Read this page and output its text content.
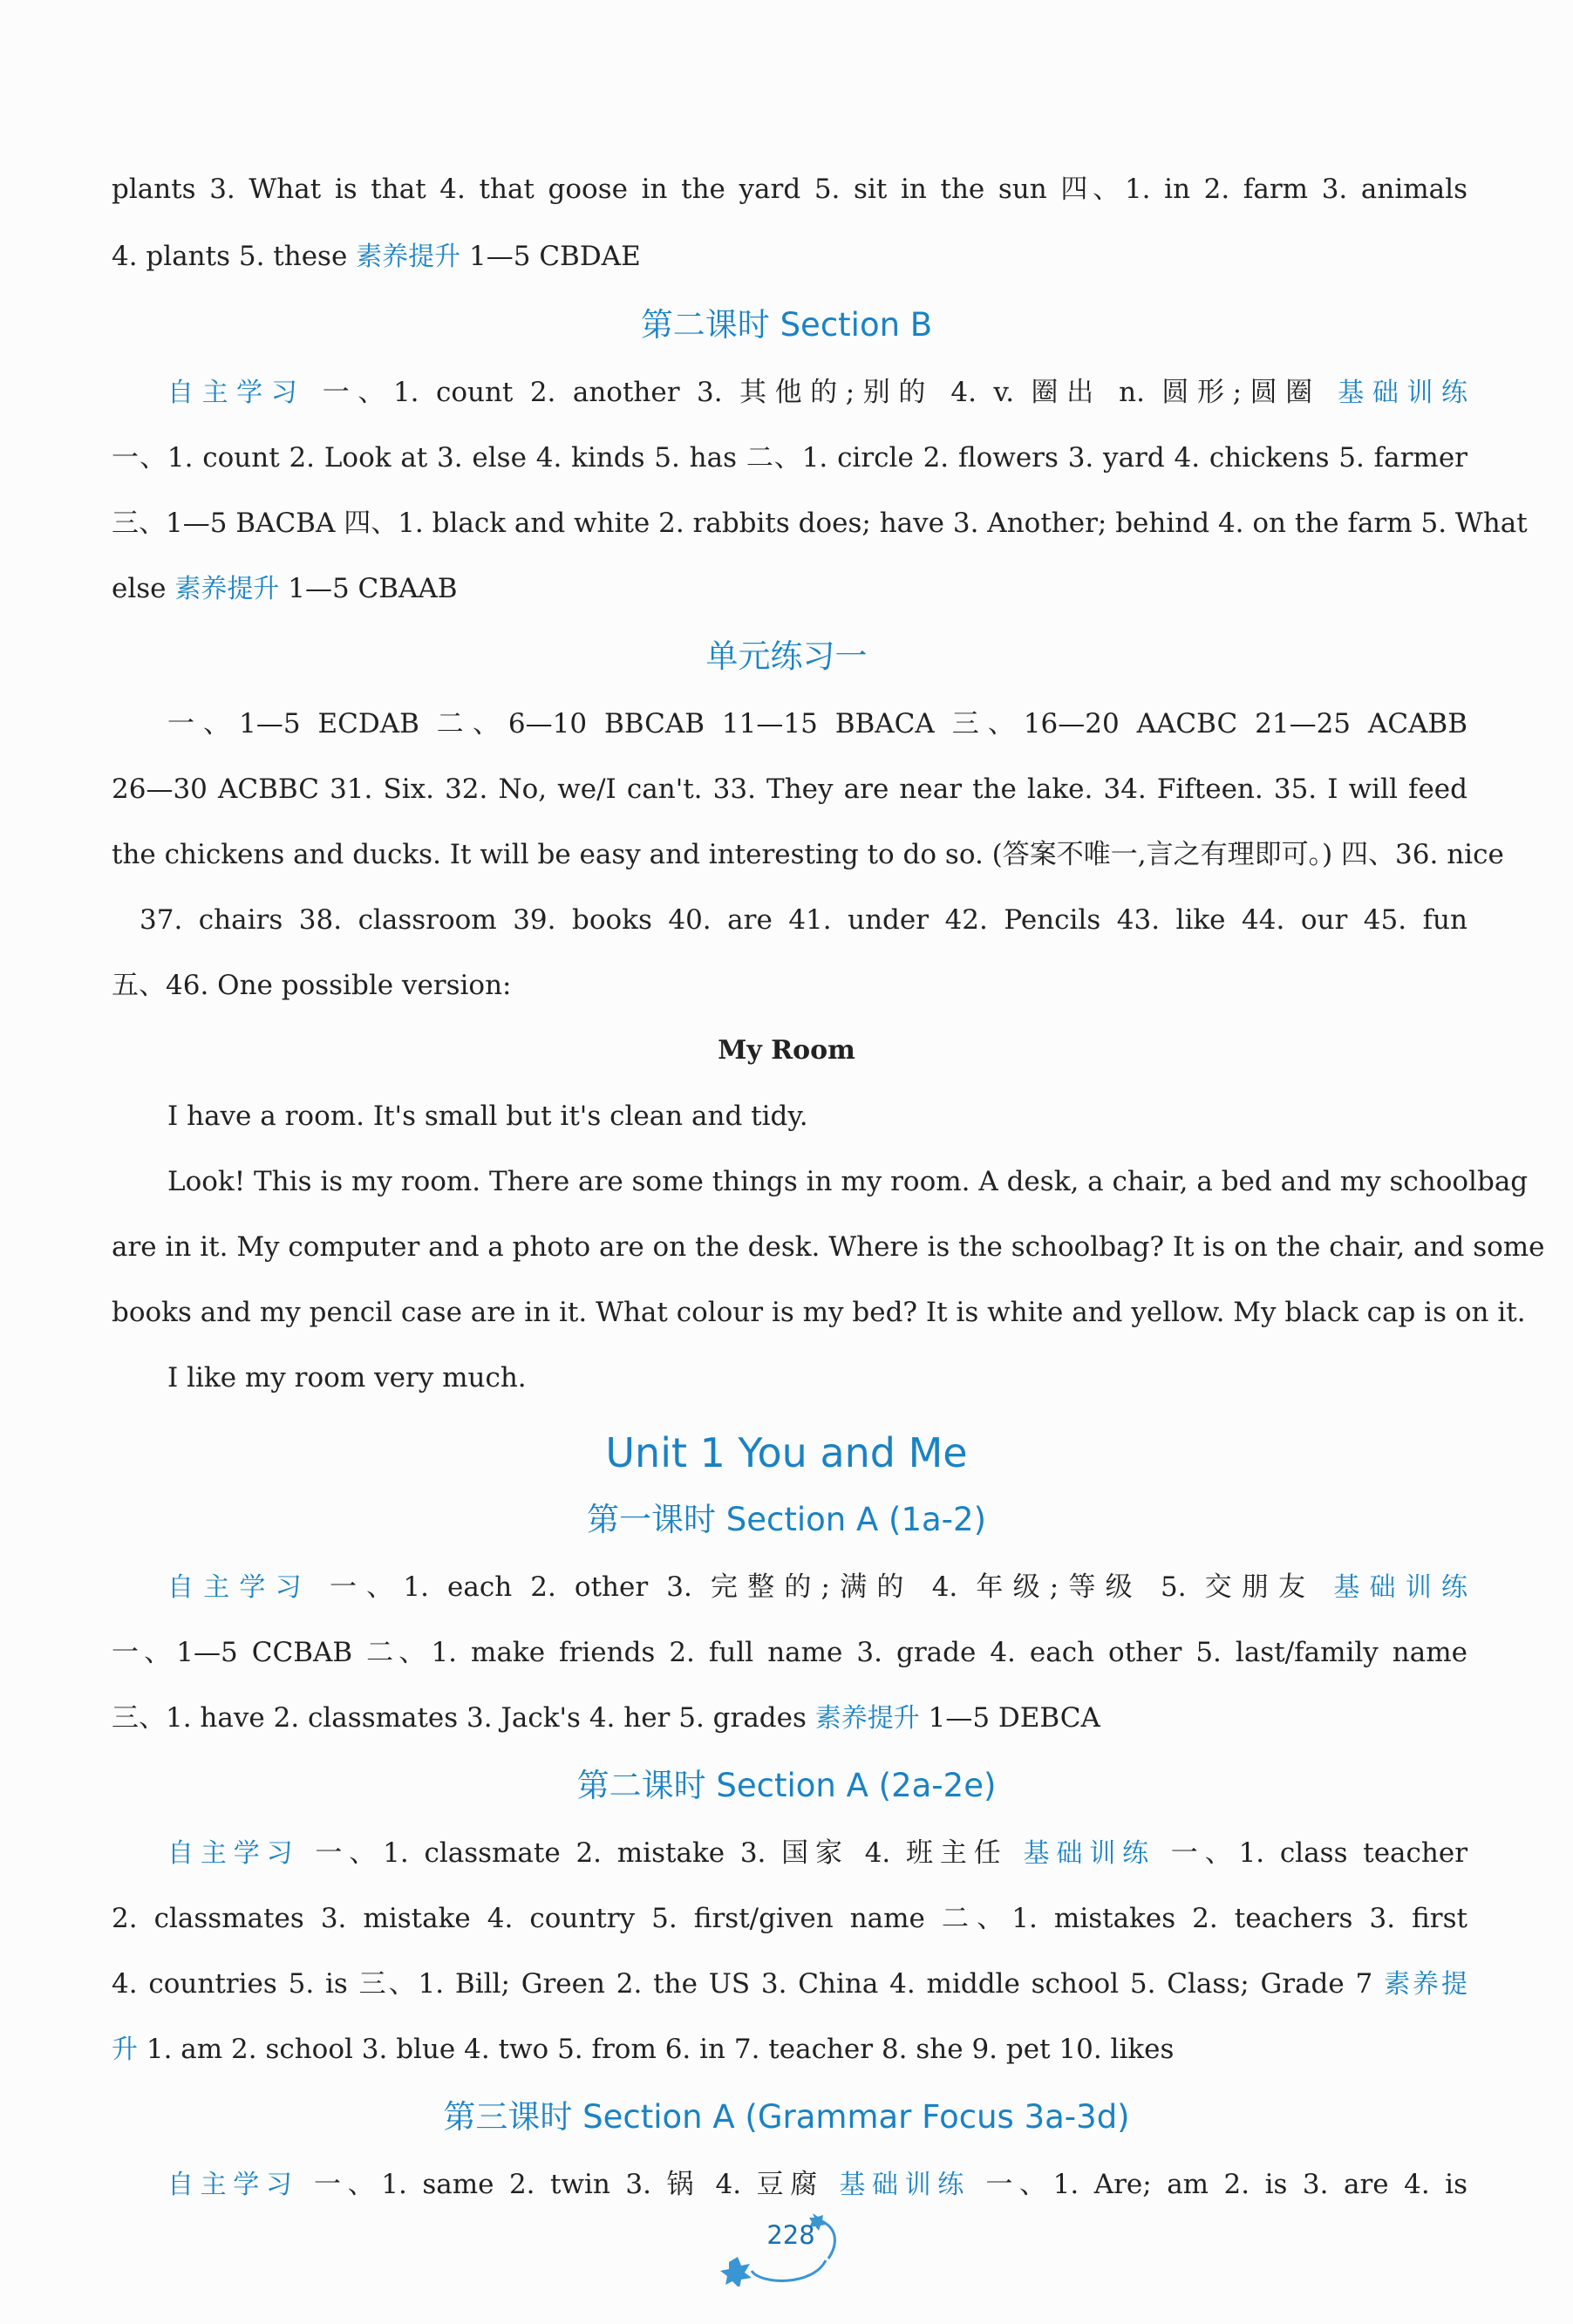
plants 3. What is that 4. that goose in the yard 5. sit in the sun 四、1. in 2. farm 3. animals
4. plants 5. these 素养提升 1—5 CBDAE
第二课时 Section B
自主学习 一、1. count 2. another 3. 其他的;别的 4. v. 圈出 n. 圆形;圆圈 基础训练
一、1. count 2. Look at 3. else 4. kinds 5. has 二、1. circle 2. flowers 3. yard 4. chickens 5. farmer
三、1—5 BACBA 四、1. black and white 2. rabbits does; have 3. Another; behind 4. on the farm 5. What
else 素养提升 1—5 CBAAB
单元练习一
一、1—5 ECDAB 二、6—10 BBCAB 11—15 BBACA 三、16—20 AACBC 21—25 ACABB
26—30 ACBBC 31. Six. 32. No, we/I can't. 33. They are near the lake. 34. Fifteen. 35. I will feed
the chickens and ducks. It will be easy and interesting to do so. (答案不唯一,言之有理即可。) 四、36. nice
37. chairs 38. classroom 39. books 40. are 41. under 42. Pencils 43. like 44. our 45. fun
五、46. One possible version:
My Room
I have a room. It's small but it's clean and tidy.
Look! This is my room. There are some things in my room. A desk, a chair, a bed and my schoolbag
are in it. My computer and a photo are on the desk. Where is the schoolbag? It is on the chair, and some
books and my pencil case are in it. What colour is my bed? It is white and yellow. My black cap is on it.
I like my room very much.
Unit 1 You and Me
第一课时 Section A (1a-2)
自主学习 一、1. each 2. other 3. 完整的;满的 4. 年级;等级 5. 交朋友 基础训练
一、1—5 CCBAB 二、1. make friends 2. full name 3. grade 4. each other 5. last/family name
三、1. have 2. classmates 3. Jack's 4. her 5. grades 素养提升 1—5 DEBCA
第二课时 Section A (2a-2e)
自主学习 一、1. classmate 2. mistake 3. 国家 4. 班主任 基础训练 一、1. class teacher
2. classmates 3. mistake 4. country 5. first/given name 二、1. mistakes 2. teachers 3. first
4. countries 5. is 三、1. Bill; Green 2. the US 3. China 4. middle school 5. Class; Grade 7 素养提
升 1. am 2. school 3. blue 4. two 5. from 6. in 7. teacher 8. she 9. pet 10. likes
第三课时 Section A (Grammar Focus 3a-3d)
自主学习 一、1. same 2. twin 3. 锅 4. 豆腐 基础训练 一、1. Are; am 2. is 3. are 4. is
228
